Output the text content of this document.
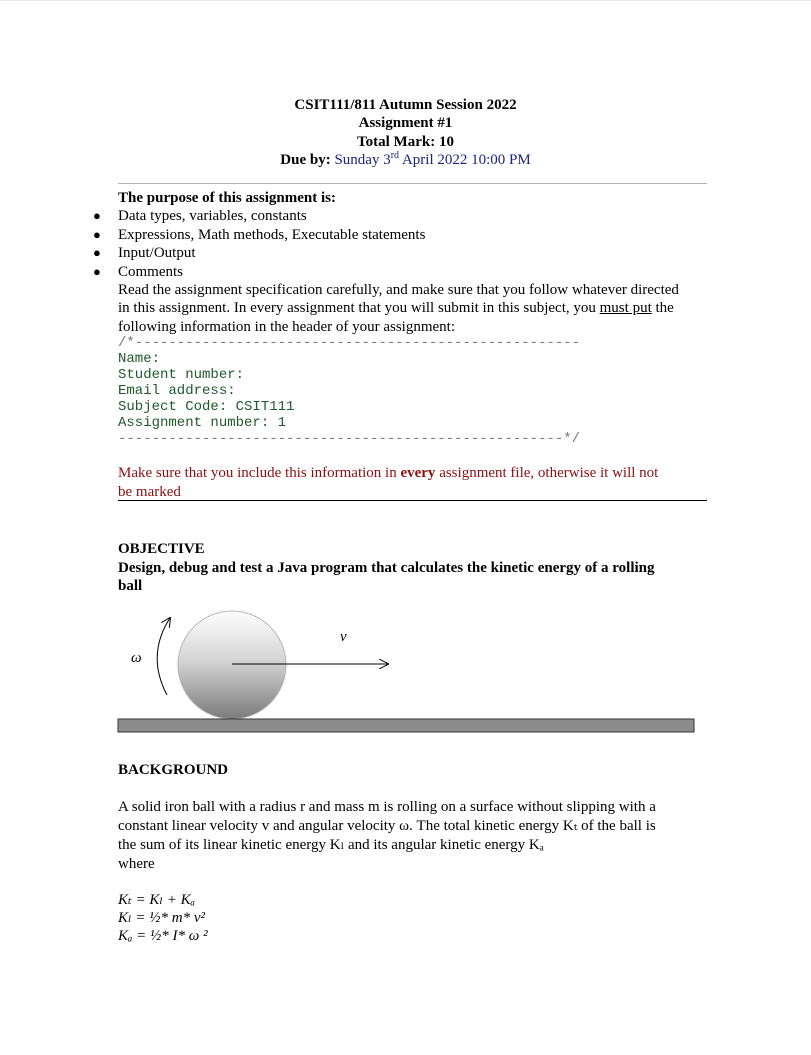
CSIT111/811 Autumn Session 2022
Assignment #1
Total Mark: 10
Due by: Sunday 3rd April 2022 10:00 PM
The purpose of this assignment is:
● Data types, variables, constants
● Expressions, Math methods, Executable statements
● Input/Output
● Comments
Read the assignment specification carefully, and make sure that you follow whatever directed
in this assignment. In every assignment that you will submit in this subject, you must put the
following information in the header of your assignment:
/*-----------------------------------------------------
Name:
Student number:
Email address:
Subject Code: CSIT111
Assignment number: 1
-----------------------------------------------------*/
Make sure that you include this information in every assignment file, otherwise it will not
be marked
OBJECTIVE
Design, debug and test a Java program that calculates the kinetic energy of a rolling
ball
ω
v
BACKGROUND
A solid iron ball with a radius r and mass m is rolling on a surface without slipping with a
constant linear velocity v and angular velocity ω. The total kinetic energy Kₜ of the ball is
the sum of its linear kinetic energy Kₗ and its angular kinetic energy Kₐ
where
Kₜ = Kₗ + Kₐ
Kₗ = ½* m* v²
Kₐ = ½* I* ω ²
